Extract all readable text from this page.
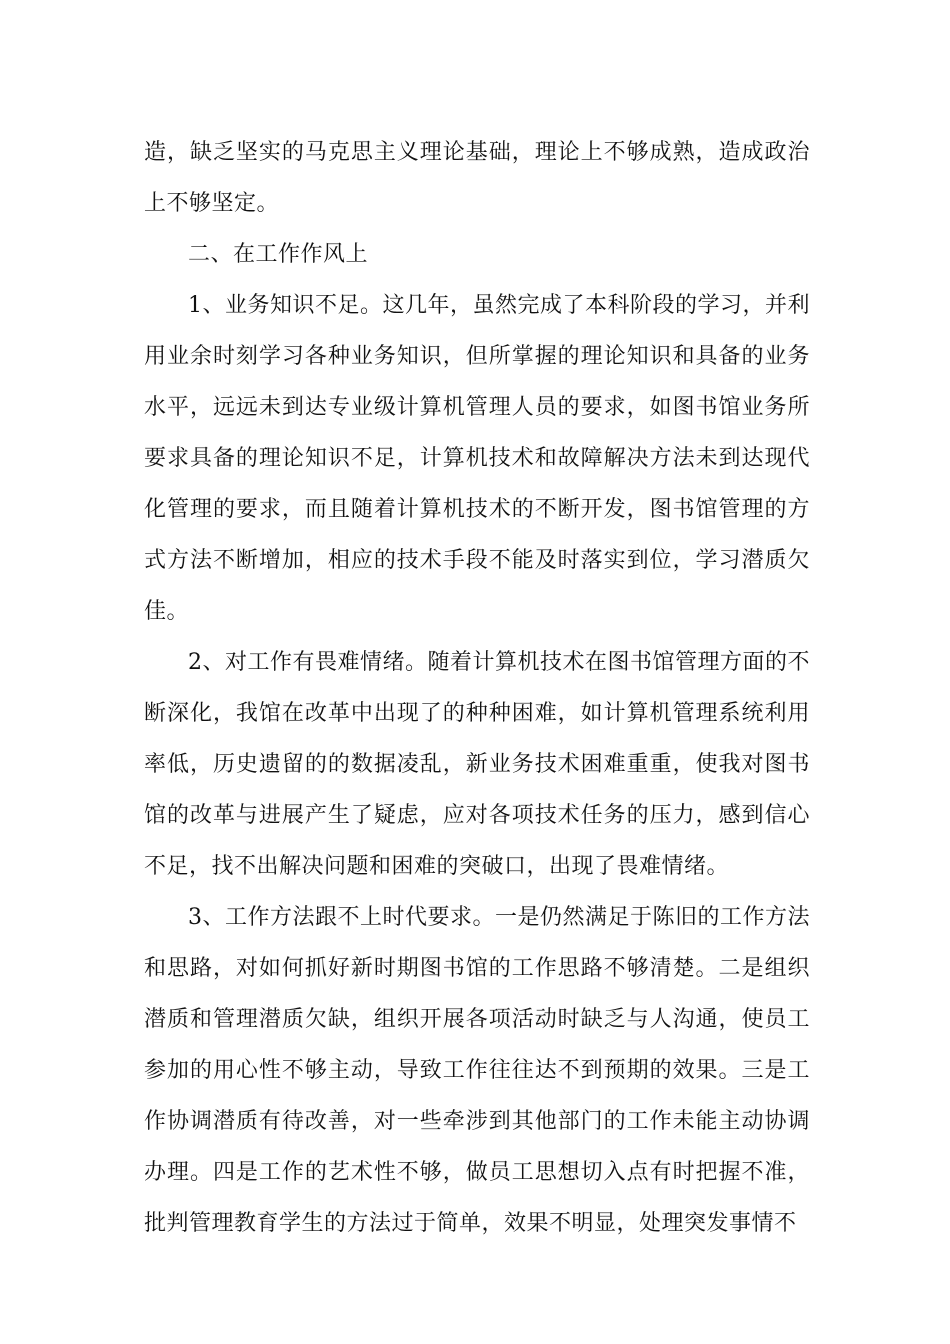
造，缺乏坚实的马克思主义理论基础，理论上不够成熟，造成政治上不够坚定。

二、在工作作风上

1、业务知识不足。这几年，虽然完成了本科阶段的学习，并利用业余时刻学习各种业务知识，但所掌握的理论知识和具备的业务水平，远远未到达专业级计算机管理人员的要求，如图书馆业务所要求具备的理论知识不足，计算机技术和故障解决方法未到达现代化管理的要求，而且随着计算机技术的不断开发，图书馆管理的方式方法不断增加，相应的技术手段不能及时落实到位，学习潜质欠佳。

2、对工作有畏难情绪。随着计算机技术在图书馆管理方面的不断深化，我馆在改革中出现了的种种困难，如计算机管理系统利用率低，历史遗留的的数据凌乱，新业务技术困难重重，使我对图书馆的改革与进展产生了疑虑，应对各项技术任务的压力，感到信心不足，找不出解决问题和困难的突破口，出现了畏难情绪。

3、工作方法跟不上时代要求。一是仍然满足于陈旧的工作方法和思路，对如何抓好新时期图书馆的工作思路不够清楚。二是组织潜质和管理潜质欠缺，组织开展各项活动时缺乏与人沟通，使员工参加的用心性不够主动，导致工作往往达不到预期的效果。三是工作协调潜质有待改善，对一些牵涉到其他部门的工作未能主动协调办理。四是工作的艺术性不够，做员工思想切入点有时把握不准，批判管理教育学生的方法过于简单，效果不明显，处理突发事情不
